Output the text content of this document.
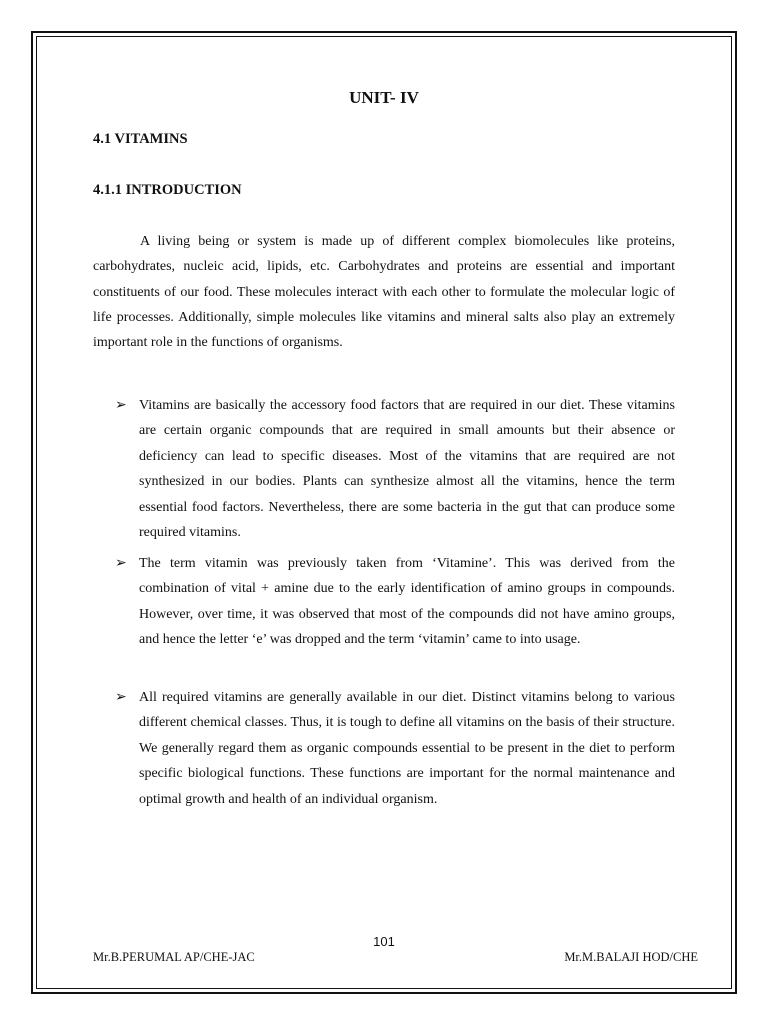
UNIT- IV
4.1 VITAMINS
4.1.1 INTRODUCTION

A living being or system is made up of different complex biomolecules like proteins, carbohydrates, nucleic acid, lipids, etc. Carbohydrates and proteins are essential and important constituents of our food. These molecules interact with each other to formulate the molecular logic of life processes. Additionally, simple molecules like vitamins and mineral salts also play an extremely important role in the functions of organisms.

➢ Vitamins are basically the accessory food factors that are required in our diet. These vitamins are certain organic compounds that are required in small amounts but their absence or deficiency can lead to specific diseases. Most of the vitamins that are required are not synthesized in our bodies. Plants can synthesize almost all the vitamins, hence the term essential food factors. Nevertheless, there are some bacteria in the gut that can produce some required vitamins.
➢ The term vitamin was previously taken from ‘Vitamine’. This was derived from the combination of vital + amine due to the early identification of amino groups in compounds. However, over time, it was observed that most of the compounds did not have amino groups, and hence the letter ‘e’ was dropped and the term ‘vitamin’ came to into usage.
➢ All required vitamins are generally available in our diet. Distinct vitamins belong to various different chemical classes. Thus, it is tough to define all vitamins on the basis of their structure. We generally regard them as organic compounds essential to be present in the diet to perform specific biological functions. These functions are important for the normal maintenance and optimal growth and health of an individual organism.

101

Mr.B.PERUMAL AP/CHE-JAC	Mr.M.BALAJI HOD/CHE
